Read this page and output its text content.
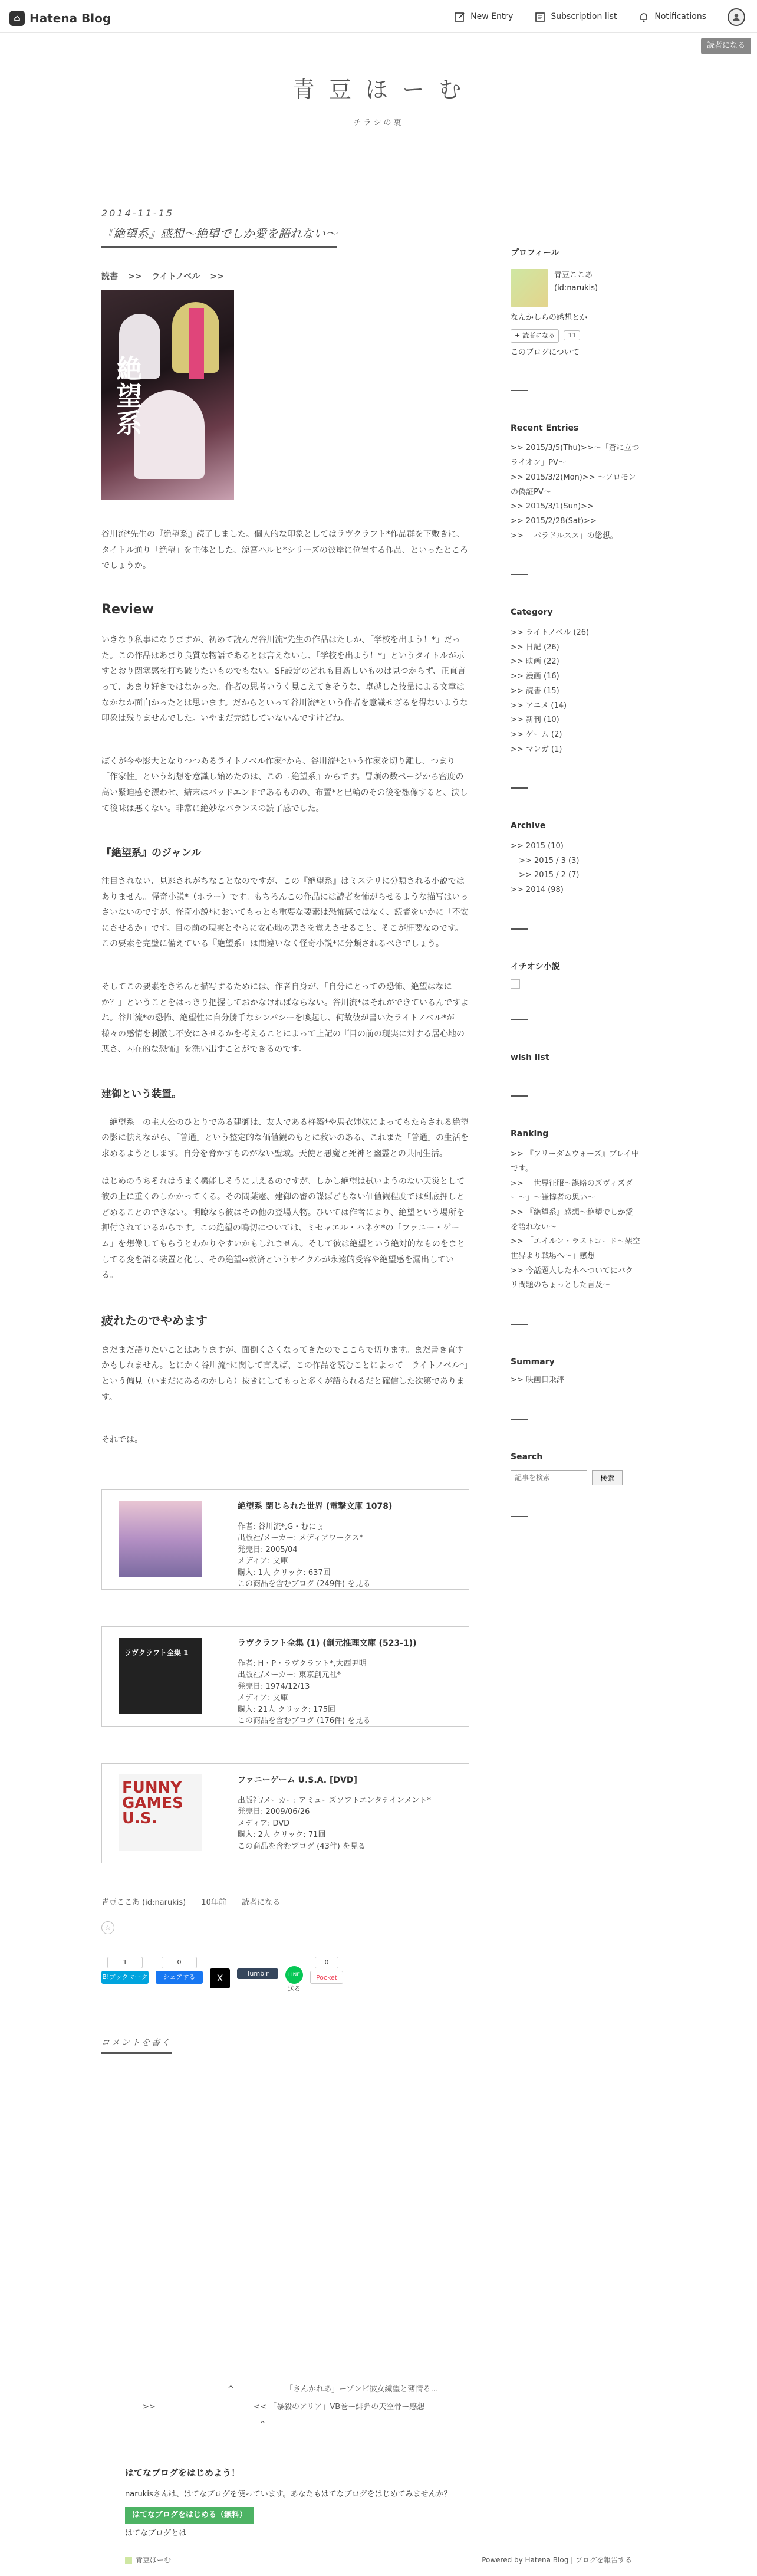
⌂ Hatena Blog	New Entry	Subscription list	Notifications
読者になる
青 豆 ほ ー む
チラシの裏
2014-11-15
『絶望系』感想～絶望でしか愛を語れない～
読書 >> ライトノベル >>
絶望系

谷川流*先生の『絶望系』読了しました。個人的な印象としてはラヴクラフト*作品群を下敷きに、タイトル通り「絶望」を主体とした、涼宮ハルヒ*シリーズの彼岸に位置する作品、といったところでしょうか。

Review

いきなり私事になりますが、初めて読んだ谷川流*先生の作品はたしか、「学校を出よう！*」だった。この作品はあまり良質な物語であるとは言えないし、「学校を出よう！*」というタイトルが示すとおり閉塞感を打ち破りたいものでもない。SF設定のどれも目新しいものは見つからず、正直言って、あまり好きではなかった。作者の思考いうく見こえてきそうな、卓越した技量による文章はなかなか面白かったとは思います。だからといって谷川流*という作者を意識せざるを得ないような印象は残りませんでした。いやまだ完結していないんですけどね。

ぼくが今や影大となりつつあるライトノベル作家*から、谷川流*という作家を切り離し、つまり「作家性」という幻想を意識し始めたのは、この『絶望系』からです。冒頭の数ページから密度の高い緊迫感を漂わせ、結末はバッドエンドであるものの、布置*と巳輪のその後を想像すると、決して後味は悪くない。非常に絶妙なバランスの読了感でした。

『絶望系』のジャンル

注目されない、見逃されがちなことなのですが、この『絶望系』はミステリに分類される小説ではありません。怪奇小説*（ホラー）です。もちろんこの作品には読者を怖がらせるような描写はいっさいないのですが、怪奇小説*においてもっとも重要な要素は恐怖感ではなく、読者をいかに「不安にさせるか」です。目の前の現実とやらに安心地の悪さを覚えさせること、そこが肝要なのです。この要素を完璧に備えている『絶望系』は間違いなく怪奇小説*に分類されるべきでしょう。

そしてこの要素をきちんと描写するためには、作者自身が、「自分にとっての恐怖、絶望はなにか？」ということをはっきり把握しておかなければならない。谷川流*はそれができているんですよね。谷川流*の恐怖、絶望性に自分勝手なシンパシーを喚起し、何故彼が書いたライトノベル*が様々の感情を刺激し不安にさせるかを考えることによって上記の『目の前の現実に対する居心地の悪さ、内在的な恐怖』を洗い出すことができるのです。

建御という装置。

「絶望系」の主人公のひとりである建御は、友人である杵築*や馬衣姉妹によってもたらされる絶望の影に怯えながら、「普通」という整定的な価値観のもとに救いのある、これまた「普通」の生活を求めるようとします。自分を脅かすものがない聖域。天使と悪魔と死神と幽霊との共同生活。

はじめのうちそれはうまく機能しそうに見えるのですが、しかし絶望は拭いようのない天災として彼の上に重くのしかかってくる。その間葉憲、建御の審の謀ばどもない価値観程度では到底押しとどめることのできない。明瞭なら彼はその他の登場人物。ひいては作者により、絶望という場所を押付されているからです。この絶望の鳴切については、ミセャエル・ハネケ*の「ファニー・ゲーム」を想像してもらうとわかりやすいかもしれません。そして彼は絶望という絶対的なものをまとしてる変を語る装置と化し、その絶望⇔救済というサイクルが永遠的受容や絶望感を漏出している。

疲れたのでやめます

まだまだ語りたいことはありますが、面倒くさくなってきたのでここらで切ります。まだ書き直すかもしれません。とにかく谷川流*に関して言えば、この作品を読むことによって「ライトノベル*」という偏見（いまだにあるのかしら）抜きにしてもっと多くが語られるだと確信した次第であります。

それでは。

絶望系 閉じられた世界 (電撃文庫 1078)
作者: 谷川流*,G・むにょ
出版社/メーカー: メディアワークス*
発売日: 2005/04
メディア: 文庫
購入: 1人 クリック: 637回
この商品を含むブログ (249件) を見る
ラヴクラフト全集 1
ラヴクラフト全集 (1) (創元推理文庫 (523-1))
作者: H・P・ラヴクラフト*,大西尹明
出版社/メーカー: 東京創元社*
発売日: 1974/12/13
メディア: 文庫
購入: 21人 クリック: 175回
この商品を含むブログ (176件) を見る
FUNNY GAMES U.S.
ファニーゲーム U.S.A. [DVD]
出版社/メーカー: アミューズソフトエンタテインメント*
発売日: 2009/06/26
メディア: DVD
購入: 2人 クリック: 71回
この商品を含むブログ (43件) を見る
青豆ここあ (id:narukis) 10年前 読者になる
☆
1
B!ブックマーク
0
シェアする	X	Tumblr	LINE
送る
0
Pocket
コメントを書く
^	「さんかれあ」ーゾンビ彼女繊望と薄情る…
>>	<< 「暴殺のアリア」VB巻ー緋彈の天空骨ー感想
^
プロフィール
青豆ここあ
(id:narukis)
なんかしらの感想とか
+ 読者になる 11
このブログについて
Recent Entries
>> 2015/3/5(Thu)>>～「蒼に立つライオン」PV～
>> 2015/3/2(Mon)>> ～ソロモンの偽証PV～
>> 2015/3/1(Sun)>>
>> 2015/2/28(Sat)>>
>> 「パラドルスス」の総想。
Category
>> ライトノベル (26)
>> 日記 (26)
>> 映画 (22)
>> 漫画 (16)
>> 読書 (15)
>> アニメ (14)
>> 新刊 (10)
>> ゲーム (2)
>> マンガ (1)
Archive
>> 2015 (10)
>> 2015 / 3 (3)
>> 2015 / 2 (7)
>> 2014 (98)
イチオシ小説
wish list
Ranking
>> 『フリーダムウォーズ』プレイ中です。
>> 「世界征服～謀略のズヴィズダー～」～謙博者の思い～
>> 『絶望系』感想～絶望でしか愛を語れない～
>> 「エイルン・ラストコード～架空世界より戦場へ～」感想
>> 今話題人した本へついてにバクリ問題のちょっとした言及～
Summary
>> 映画日乗評
Search
記事を検索
検索
はてなブログをはじめよう！
narukisさんは、はてなブログを使っています。あなたもはてなブログをはじめてみませんか？
はてなブログをはじめる（無料）
はてなブログとは
青豆ほーむ	Powered by Hatena Blog | ブログを報告する
